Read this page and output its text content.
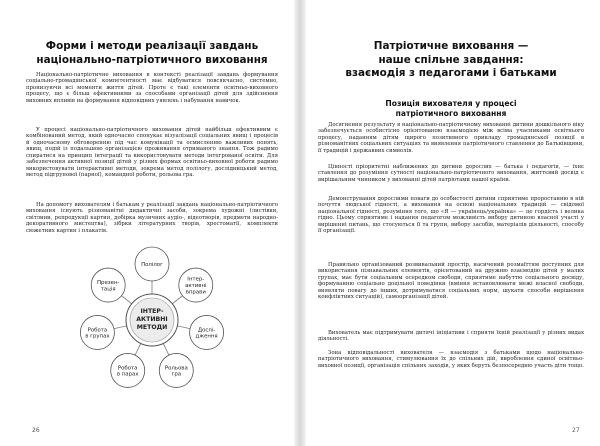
Форми і методи реалізації завдань
національно-патріотичного виховання

Національно-патріотичне виховання в контексті реалізації завдань формування соціально-громадянської компетентності має відбуватися повсякчасно, системно, пронизуючи всі моменти життя дітей. Проте є такі елементи освітньо-виховного процесу, що є більш ефективними за способами організації дітей для здійснення виховних впливів на формування відповідних уявлень і набування навичок.

У процесі національно-патріотичного виховання дітей найбільш ефективним є комбінований метод, який одночасно спонукає візуалізації соціальних явищ і процесів й одночасному обговоренню під час комунікації та осмисленню важливих понять, явищ, подій із подальшою організацією проживання отриманого знання. Тож радимо спиратися на принцип інтеграції та використовувати методи інтегрованої освіти. Для забезпечення активної позиції дітей у різних формах освітньо-виховної роботи радимо використовувати інтерактивні методи, зокрема метод полілогу, дослідницький метод, метод підгрупової (парної), командної роботи, рольова гра.

На допомогу вихователям і батькам у реалізації завдань національно-патріотичного виховання існують різноманітні дидактичні засоби, зокрема художні (листівки, світлини, репродукції картин, добірка музичних аудіо-, відеотворів, предмети народно-декоративного мистецтва), зібрки літературних творів, хрестоматії, комплекти сюжетних картин і плакатів.

ІНТЕР-
АКТИВНІ
МЕТОДИ
Полілог
Інтер-
активні
вправи
Дослі-
дження
Рольова
гра
Робота
в парах
Робота
в групах
Презен-
тація
26
Патріотичне виховання —
наше спільне завдання:
взаємодія з педагогами і батьками
Позиція вихователя у процесі
патріотичного виховання

Досягнення результату в національно-патріотичному вихованні дитини дошкільного віку забезпечується особистісно орієнтованою взаємодією між всіма учасниками освітнього процесу, наданням дітям щирого позитивного прикладу громадянської позиції в різноманітних соціальних ситуаціях та виявлення патріотичного ставлення до Батьківщини, її традицій і державних символів.

Цінності пріоритетні наближених до дитини дорослих — батька і педагогів, — їхнє ставлення до розуміння сутності національно-патріотичного виховання, життєвий досвід є вирішальним чинником у вихованні дітей патріотами нашої країни.

Демонструвания дорослими поваги до особистості дитини сприятиме проростанню в ній почуття людської гідності, а виховання на основі національних традицій — свідомої національної гідності, розуміння того, що «Я — українець/українка» — це гордість і велика гідно. Цьому сприятиме і надання педагогом можливість вибору дитиною власної участі у вирішенні питань, що стосуються її та групи, вибору засобів, матеріалів діяльності, способу її організації.

Правильно організований розвивальний простір, насичений розмаїттям доступних для використання пізнавальних елементів, орієнтований на дружню взаємодію дітей у малих групах, має бути соціальним осередком свободи, сприятиме набуттю соціального досвіду, формуванню соціально доцільної поведінки (вміння встановлювати межі власної свободи, виявляти повагу до інших, дотримуватися соціальних норм, шукати способи вирішення конфліктних ситуацій), самоорганізації дітей.

Вихователь має підтримувати дитячі ініціативи і сприяти їхній реалізації у різних видах діяльності.

Зона відповідальності вихователя — взаємодія з батьками щодо національно-патріотичного виховання, стимулювання їх до спільних дій, вироблення єдиної освітньо-виховної позиції, організація спільних заходів, у яких беруть безпосередню участь діти тощо.

27
